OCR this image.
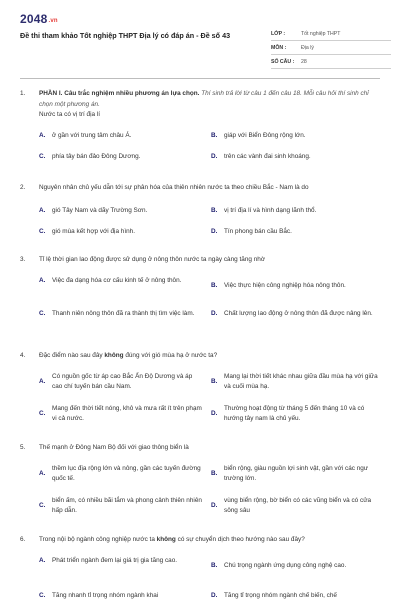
2048.vn
Đề thi tham khảo Tốt nghiệp THPT Địa lý có đáp án - Đề số 43	LỚP :	Tốt nghiệp THPT
MÔN :	Địa lý
SỐ CÂU :	28
1.	PHẦN I. Câu trắc nghiệm nhiều phương án lựa chọn. Thí sinh trả lời từ câu 1 đến câu 18. Mỗi câu hỏi thí sinh chỉ chọn một phương án.
Nước ta có vị trí địa lí
A.	ở gần với trung tâm châu Á.	B.	giáp với Biển Đông rộng lớn.
C.	phía tây bán đảo Đông Dương.	D.	trên các vành đai sinh khoáng.
2.	Nguyên nhân chủ yếu dẫn tới sự phân hóa của thiên nhiên nước ta theo chiều Bắc - Nam là do
A.	gió Tây Nam và dãy Trường Sơn.	B.	vị trí địa lí và hình dạng lãnh thổ.
C.	gió mùa kết hợp với địa hình.	D.	Tín phong bán cầu Bắc.
3.	Tỉ lệ thời gian lao động được sử dụng ở nông thôn nước ta ngày càng tăng nhờ
A.	Việc đa dạng hóa cơ cấu kinh tế ở nông thôn.
B.	Việc thực hiện công nghiệp hóa nông thôn.
C.	Thanh niên nông thôn đã ra thành thị tìm việc làm.	D.	Chất lượng lao động ở nông thôn đã được nâng lên.
4.	Đặc điểm nào sau đây không đúng với gió mùa hạ ở nước ta?
A.
Có nguồn gốc từ áp cao Bắc Ấn Độ Dương và áp cao chí tuyến bán cầu Nam.
B.
Mang lại thời tiết khác nhau giữa đầu mùa hạ với giữa và cuối mùa hạ.
C.
Mang đến thời tiết nóng, khô và mưa rất ít trên phạm vi cả nước.
D.
Thường hoạt động từ tháng 5 đến tháng 10 và có hướng tây nam là chủ yếu.
5.	Thế mạnh ở Đông Nam Bộ đối với giao thông biển là
A.
thềm lục địa rộng lớn và nông, gần các tuyến đường quốc tế.
B.
biển rộng, giàu nguồn lợi sinh vật, gần với các ngư trường lớn.
C.
biển ấm, có nhiều bãi tắm và phong cảnh thiên nhiên hấp dẫn.
D.
vùng biển rộng, bờ biển có các vũng biển và có cửa sông sâu
6.	Trong nội bộ ngành công nghiệp nước ta không có sự chuyển dịch theo hướng nào sau đây?
A.	Phát triển ngành đem lại giá trị gia tăng cao.
B.	Chú trọng ngành ứng dụng công nghệ cao.
C.	Tăng nhanh tỉ trọng nhóm ngành khai	D.	Tăng tỉ trọng nhóm ngành chế biến, chế
